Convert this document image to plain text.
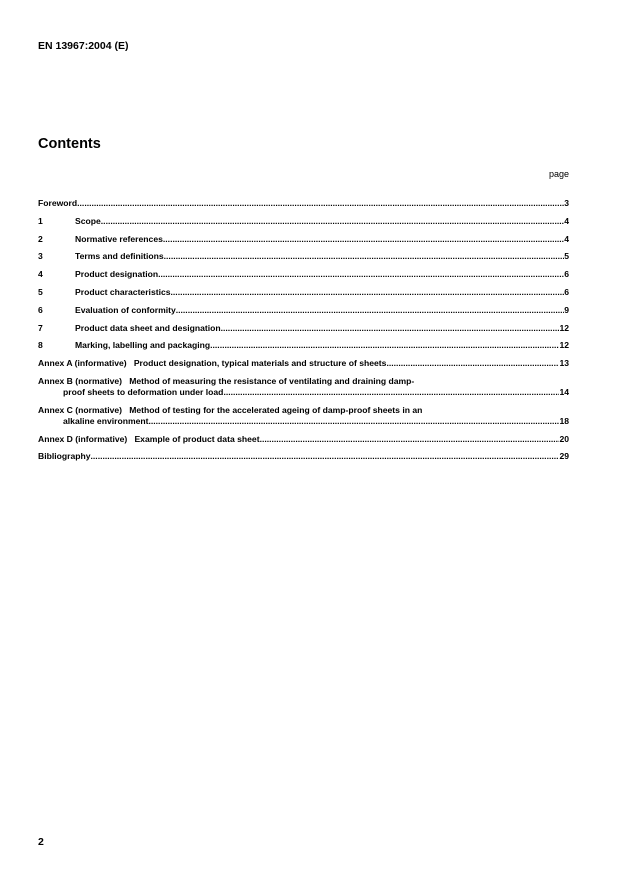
EN 13967:2004 (E)
Contents
page
Foreword .....	3
1	Scope .....	4
2	Normative references .....	4
3	Terms and definitions .....	5
4	Product designation .....	6
5	Product characteristics .....	6
6	Evaluation of conformity .....	9
7	Product data sheet and designation .....	12
8	Marking, labelling and packaging .....	12
Annex A (informative)   Product designation, typical materials and structure of sheets .....	13
Annex B (normative)   Method of measuring the resistance of ventilating and draining damp-
proof sheets to deformation under load .....	14
Annex C (normative)   Method of testing for the accelerated ageing of damp-proof sheets in an
alkaline environment .....	18
Annex D (informative)   Example of product data sheet .....	20
Bibliography .....	29
2
